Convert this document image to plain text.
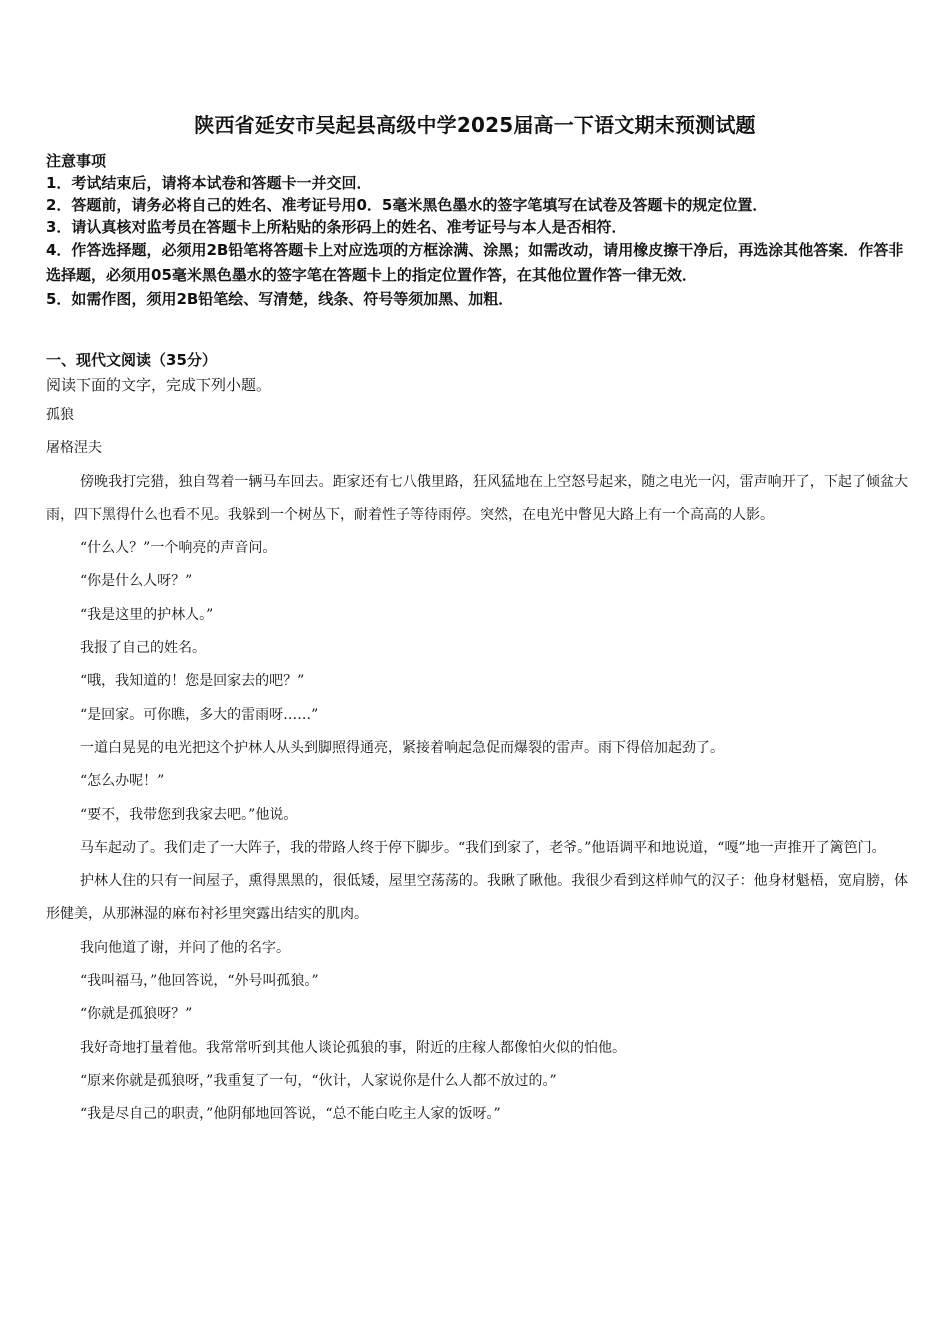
陕西省延安市吴起县高级中学2025届高一下语文期末预测试题

注意事项

1．考试结束后，请将本试卷和答题卡一并交回．

2．答题前，请务必将自己的姓名、准考证号用0．5毫米黑色墨水的签字笔填写在试卷及答题卡的规定位置．

3．请认真核对监考员在答题卡上所粘贴的条形码上的姓名、准考证号与本人是否相符．

4．作答选择题，必须用2B铅笔将答题卡上对应选项的方框涂满、涂黑；如需改动，请用橡皮擦干净后，再选涂其他答案．作答非选择题，必须用05毫米黑色墨水的签字笔在答题卡上的指定位置作答，在其他位置作答一律无效．

5．如需作图，须用2B铅笔绘、写清楚，线条、符号等须加黑、加粗．

一、现代文阅读（35分）
阅读下面的文字，完成下列小题。

孤狼

屠格涅夫

傍晚我打完猎，独自驾着一辆马车回去。距家还有七八俄里路，狂风猛地在上空怒号起来，随之电光一闪，雷声响开了，下起了倾盆大雨，四下黑得什么也看不见。我躲到一个树丛下，耐着性子等待雨停。突然，在电光中瞥见大路上有一个高高的人影。

“什么人？”一个响亮的声音问。

“你是什么人呀？”

“我是这里的护林人。”

我报了自己的姓名。

“哦，我知道的！您是回家去的吧？”

“是回家。可你瞧，多大的雷雨呀……”

一道白晃晃的电光把这个护林人从头到脚照得通亮，紧接着响起急促而爆裂的雷声。雨下得倍加起劲了。

“怎么办呢！”

“要不，我带您到我家去吧。”他说。

马车起动了。我们走了一大阵子，我的带路人终于停下脚步。“我们到家了，老爷。”他语调平和地说道，“嘎”地一声推开了篱笆门。

护林人住的只有一间屋子，熏得黑黑的，很低矮，屋里空荡荡的。我瞅了瞅他。我很少看到这样帅气的汉子：他身材魁梧，宽肩膀，体形健美，从那淋湿的麻布衬衫里突露出结实的肌肉。

我向他道了谢，并问了他的名字。

“我叫福马，”他回答说，“外号叫孤狼。”

“你就是孤狼呀？”

我好奇地打量着他。我常常听到其他人谈论孤狼的事，附近的庄稼人都像怕火似的怕他。

“原来你就是孤狼呀，”我重复了一句，“伙计，人家说你是什么人都不放过的。”

“我是尽自己的职责，”他阴郁地回答说，“总不能白吃主人家的饭呀。”
